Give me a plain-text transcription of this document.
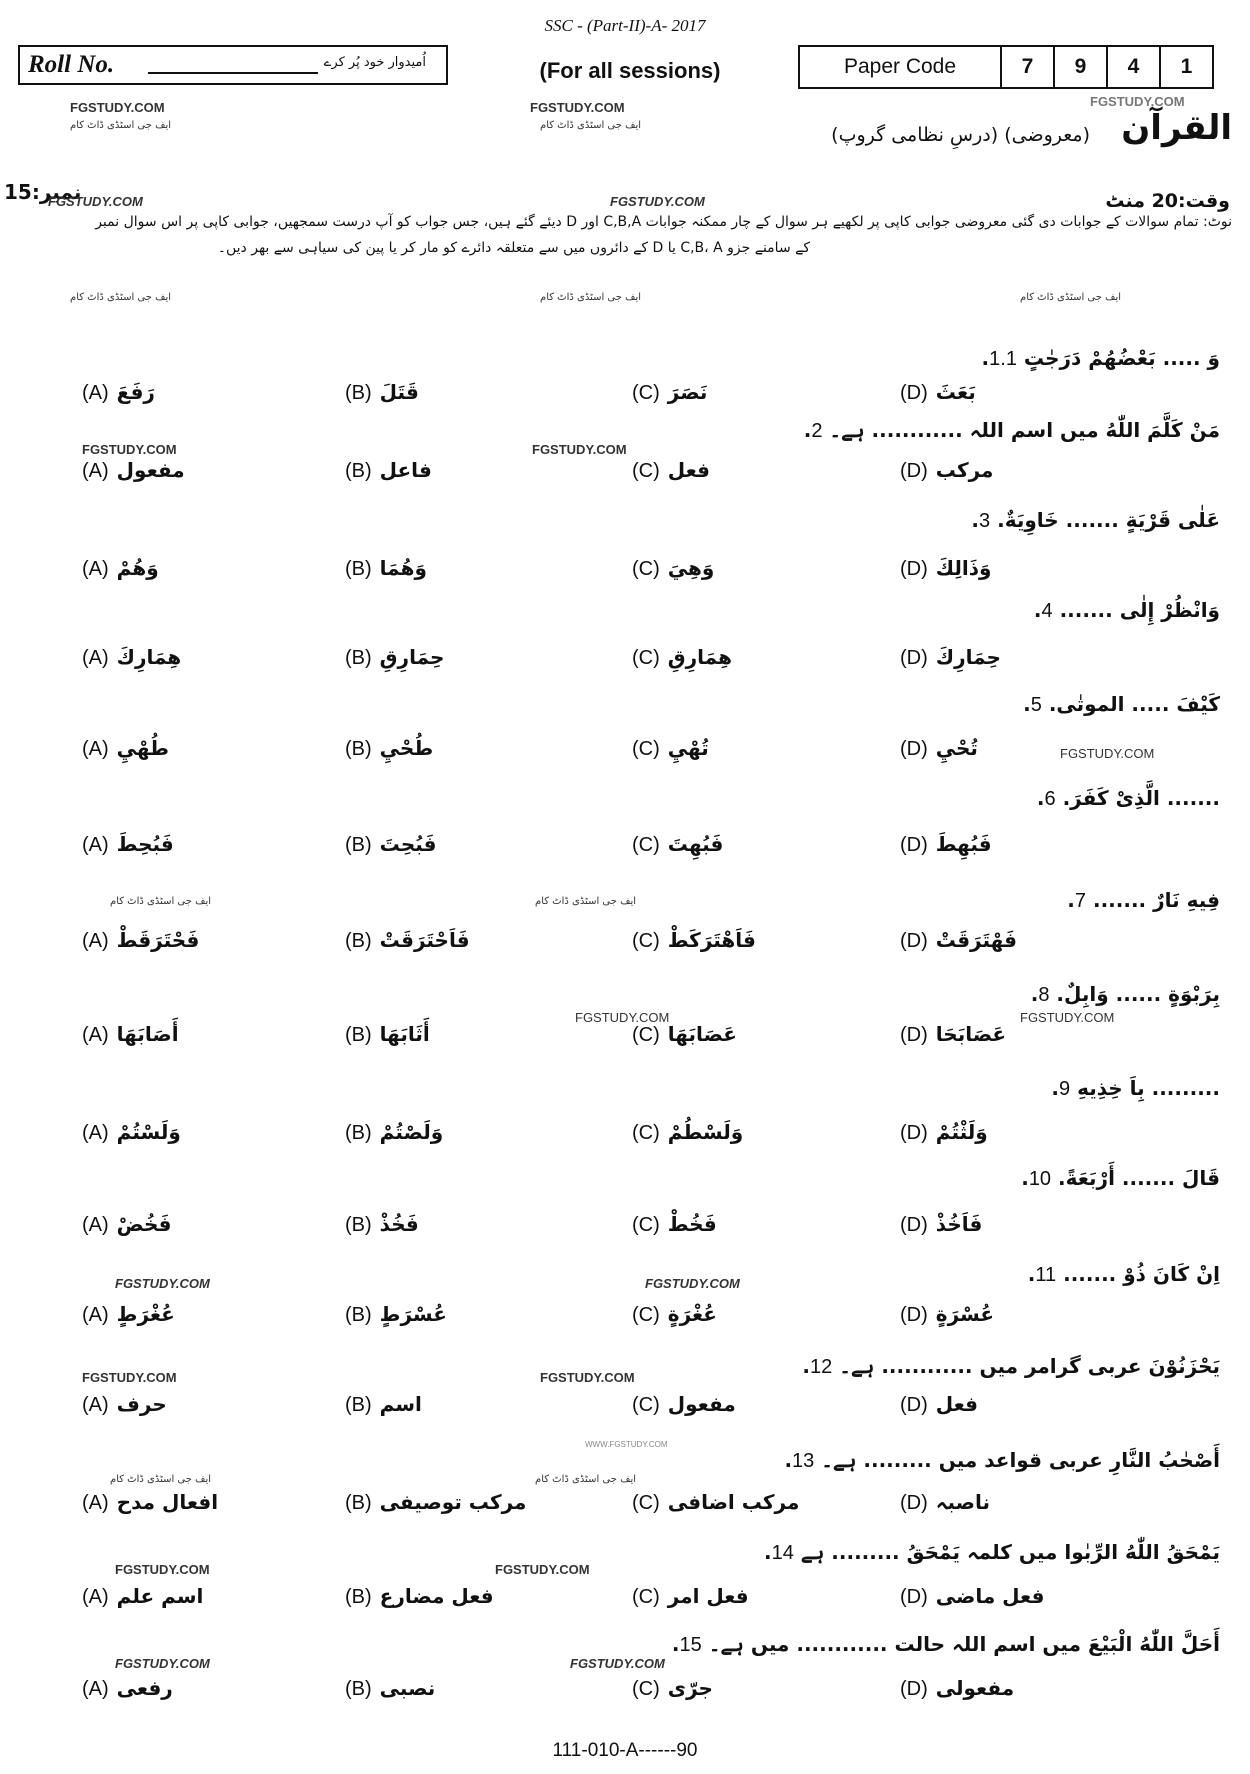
SSC - (Part-II)-A- 2017
Roll No.	اُمیدوار خود پُر کرے	(For all sessions)	Paper Code	7	9	4	1
FGSTUDY.COM
ایف جی اسٹڈی ڈاٹ کام
FGSTUDY.COM
ایف جی اسٹڈی ڈاٹ کام
FGSTUDY.COM
القرآن
(معروضی) (درسِ نظامی گروپ)
نمبر:15
FGSTUDY.COM	FGSTUDY.COM	وقت:20 منٹ
نوٹ: تمام سوالات کے جوابات دی گئی معروضی جوابی کاپی پر لکھیے ہر سوال کے چار ممکنہ جوابات C,B,A اور D دیئے گئے ہیں، جس جواب کو آپ درست سمجھیں، جوابی کاپی پر اس سوال نمبر
کے سامنے جزو C,B، A یا D کے دائروں میں سے متعلقہ دائرے کو مار کر یا پین کی سیاہی سے بھر دیں۔
ایف جی اسٹڈی ڈاٹ کام	ایف جی اسٹڈی ڈاٹ کام	ایف جی اسٹڈی ڈاٹ کام
وَ ..... بَعْضُهُمْ دَرَجٰتٍ 1.1.
(A) رَفَعَ	(B) قَتَلَ	(C) نَصَرَ	(D) بَعَثَ
مَنْ كَلَّمَ اللّٰهُ میں اسم اللہ ............ ہے۔ 2.
FGSTUDY.COM	FGSTUDY.COM
(A) مفعول	(B) فاعل	(C) فعل	(D) مرکب
عَلٰى قَرْيَةٍ ....... خَاوِيَةٌ. 3.
(A) وَهُمْ	(B) وَهُمَا	(C) وَهِيَ	(D) وَذَالِكَ
وَانْظُرْ إِلٰى ....... 4.
(A) هِمَارِكَ	(B) حِمَارِقِ	(C) هِمَارِقِ	(D) حِمَارِكَ
كَيْفَ ..... الموتٰى. 5.
(A) طُهْيِ	(B) طُحْيِ	(C) تُهْيِ	(D) تُحْيِ	FGSTUDY.COM
....... الَّذِىْ كَفَرَ. 6.
(A) فَبُحِطَ	(B) فَبُحِتَ	(C) فَبُهِتَ	(D) فَبُهِطَ
ایف جی اسٹڈی ڈاٹ کام	ایف جی اسٹڈی ڈاٹ کام	فِيهِ نَارٌ ....... 7.
(A) فَحْتَرَقَطْ	(B) فَاَحْتَرَقَتْ	(C) فَاَهْتَرَكَطْ	(D) فَهْتَرَقَتْ
بِرَبْوَةٍ ...... وَابِلٌ. 8.
FGSTUDY.COM
FGSTUDY.COM
(A) أَصَابَهَا	(B) أَثَابَهَا	(C) عَصَابَهَا	(D) عَصَابَحَا
......... بِاَ خِذِيهِ 9.
(A) وَلَسْتُمْ	(B) وَلَصْتُمْ	(C) وَلَسْطُمْ	(D) وَلَثْتُمْ
قَالَ ....... أَرْبَعَةً. 10.
(A) فَخُضْ	(B) فَخُذْ	(C) فَخُطْ	(D) فَاَخُذْ
اِنْ كَانَ ذُوْ ....... 11.
FGSTUDY.COM	FGSTUDY.COM
(A) عُغْرَطٍ	(B) عُسْرَطٍ	(C) عُغْرَةٍ	(D) عُسْرَةٍ
يَحْزَنُوْنَ عربی گرامر میں ............ ہے۔ 12.
FGSTUDY.COM	FGSTUDY.COM
(A) حرف	(B) اسم	(C) مفعول	(D) فعل
WWW.FGSTUDY.COM
أَصْحٰبُ النَّارِ عربی قواعد میں ......... ہے۔ 13.
ایف جی اسٹڈی ڈاٹ کام	ایف جی اسٹڈی ڈاٹ کام
(A) افعال مدح	(B) مرکب توصیفی	(C) مرکب اضافی	(D) ناصبہ
يَمْحَقُ اللّٰهُ الرِّبٰوا میں کلمہ يَمْحَقُ ......... ہے 14.
FGSTUDY.COM	FGSTUDY.COM
(A) اسم علم	(B) فعل مضارع	(C) فعل امر	(D) فعل ماضی
أَحَلَّ اللّٰهُ الْبَيْعَ میں اسم اللہ حالت ............ میں ہے۔ 15.
FGSTUDY.COM	FGSTUDY.COM
(A) رفعی	(B) نصبی	(C) جرّی	(D) مفعولی
111-010-A------90
